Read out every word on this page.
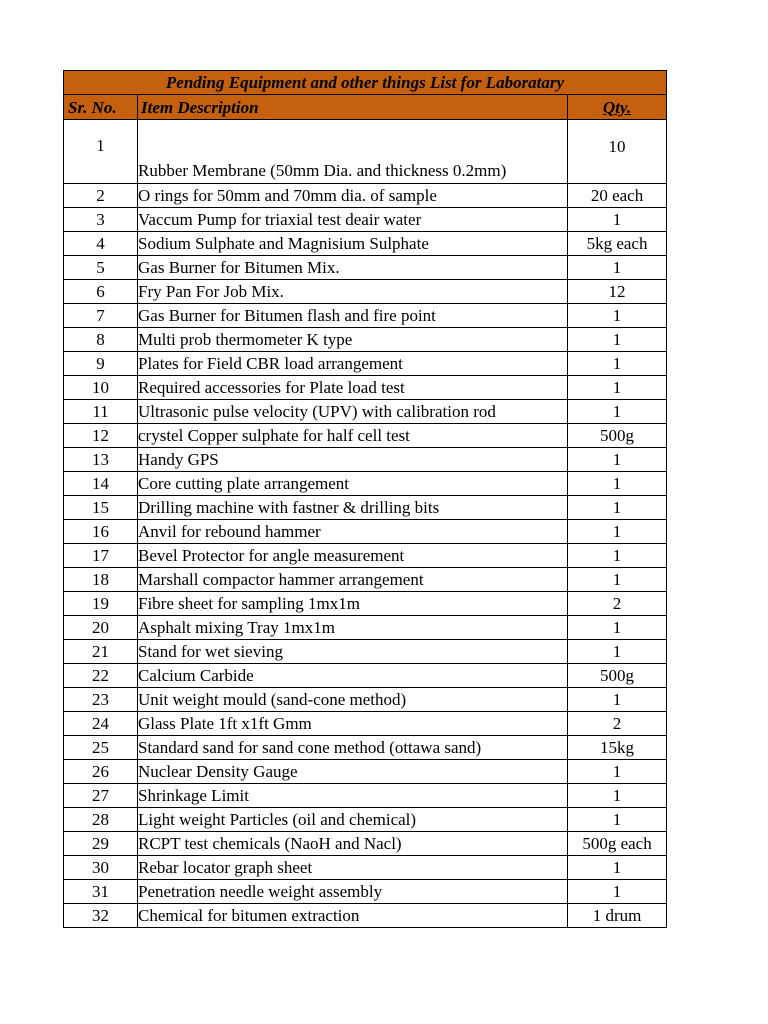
Pending Equipment and other things List for Laboratary		
Sr. No.	Item Description	Qty.
1	Rubber Membrane (50mm Dia. and thickness 0.2mm)	10
2	O rings for 50mm and 70mm dia. of sample	20 each
3	Vaccum Pump for triaxial test deair water	1
4	Sodium Sulphate and Magnisium Sulphate	5kg each
5	Gas Burner for Bitumen Mix.	1
6	Fry Pan For Job Mix.	12
7	Gas Burner for Bitumen flash and fire point	1
8	Multi prob thermometer K type	1
9	Plates for Field CBR load arrangement	1
10	Required accessories for Plate load test	1
11	Ultrasonic pulse velocity (UPV) with calibration rod	1
12	crystel Copper sulphate for half cell test	500g
13	Handy GPS	1
14	Core cutting plate arrangement	1
15	Drilling machine with fastner & drilling bits	1
16	Anvil for rebound hammer	1
17	Bevel Protector for angle measurement	1
18	Marshall compactor hammer arrangement	1
19	Fibre sheet for sampling 1mx1m	2
20	Asphalt mixing Tray 1mx1m	1
21	Stand for wet sieving	1
22	Calcium Carbide	500g
23	Unit weight mould (sand-cone method)	1
24	Glass Plate 1ft x1ft Gmm	2
25	Standard sand for sand cone method (ottawa sand)	15kg
26	Nuclear Density Gauge	1
27	Shrinkage Limit	1
28	Light weight Particles (oil and chemical)	1
29	RCPT test chemicals (NaoH and Nacl)	500g each
30	Rebar locator graph sheet	1
31	Penetration needle weight assembly	1
32	Chemical for bitumen extraction	1 drum
